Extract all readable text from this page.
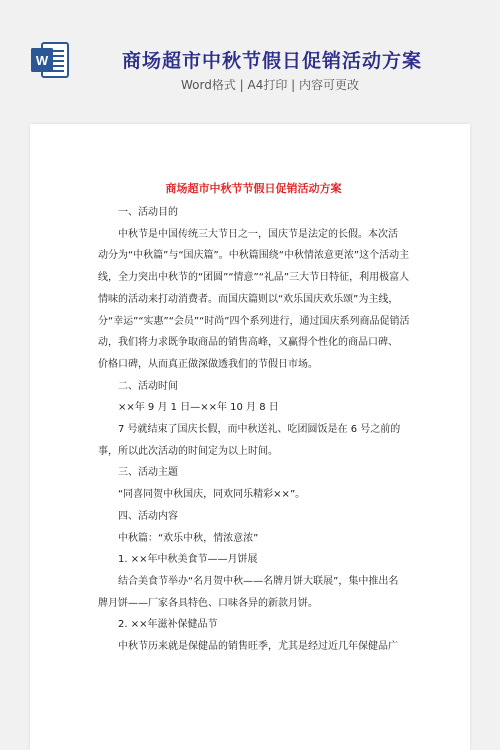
W	商场超市中秋节假日促销活动方案
Word格式 | A4打印 | 内容可更改
商场超市中秋节节假日促销活动方案

一、活动目的

中秋节是中国传统三大节日之一，国庆节是法定的长假。本次活
动分为“中秋篇”与“国庆篇”。中秋篇围绕“中秋情浓意更浓”这个活动主
线，全力突出中秋节的“团圆”“情意”“礼品”三大节日特征，利用极富人
情味的活动来打动消费者。而国庆篇则以“欢乐国庆欢乐颂”为主线，
分“幸运”“实惠”“会员”“时尚”四个系列进行，通过国庆系列商品促销活
动，我们将力求既争取商品的销售高峰，又赢得个性化的商品口碑、
价格口碑，从而真正做深做透我们的节假日市场。

二、活动时间

××年 9 月 1 日—××年 10 月 8 日

7 号就结束了国庆长假，而中秋送礼、吃团圆饭是在 6 号之前的
事，所以此次活动的时间定为以上时间。

三、活动主题

“同喜同贺中秋国庆，同欢同乐精彩××”。

四、活动内容

中秋篇：“欢乐中秋，情浓意浓”

1. ××年中秋美食节——月饼展

结合美食节举办“名月贺中秋——名牌月饼大联展”，集中推出名
牌月饼——厂家各具特色、口味各异的新款月饼。

2. ××年滋补保健品节

中秋节历来就是保健品的销售旺季，尤其是经过近几年保健品广
